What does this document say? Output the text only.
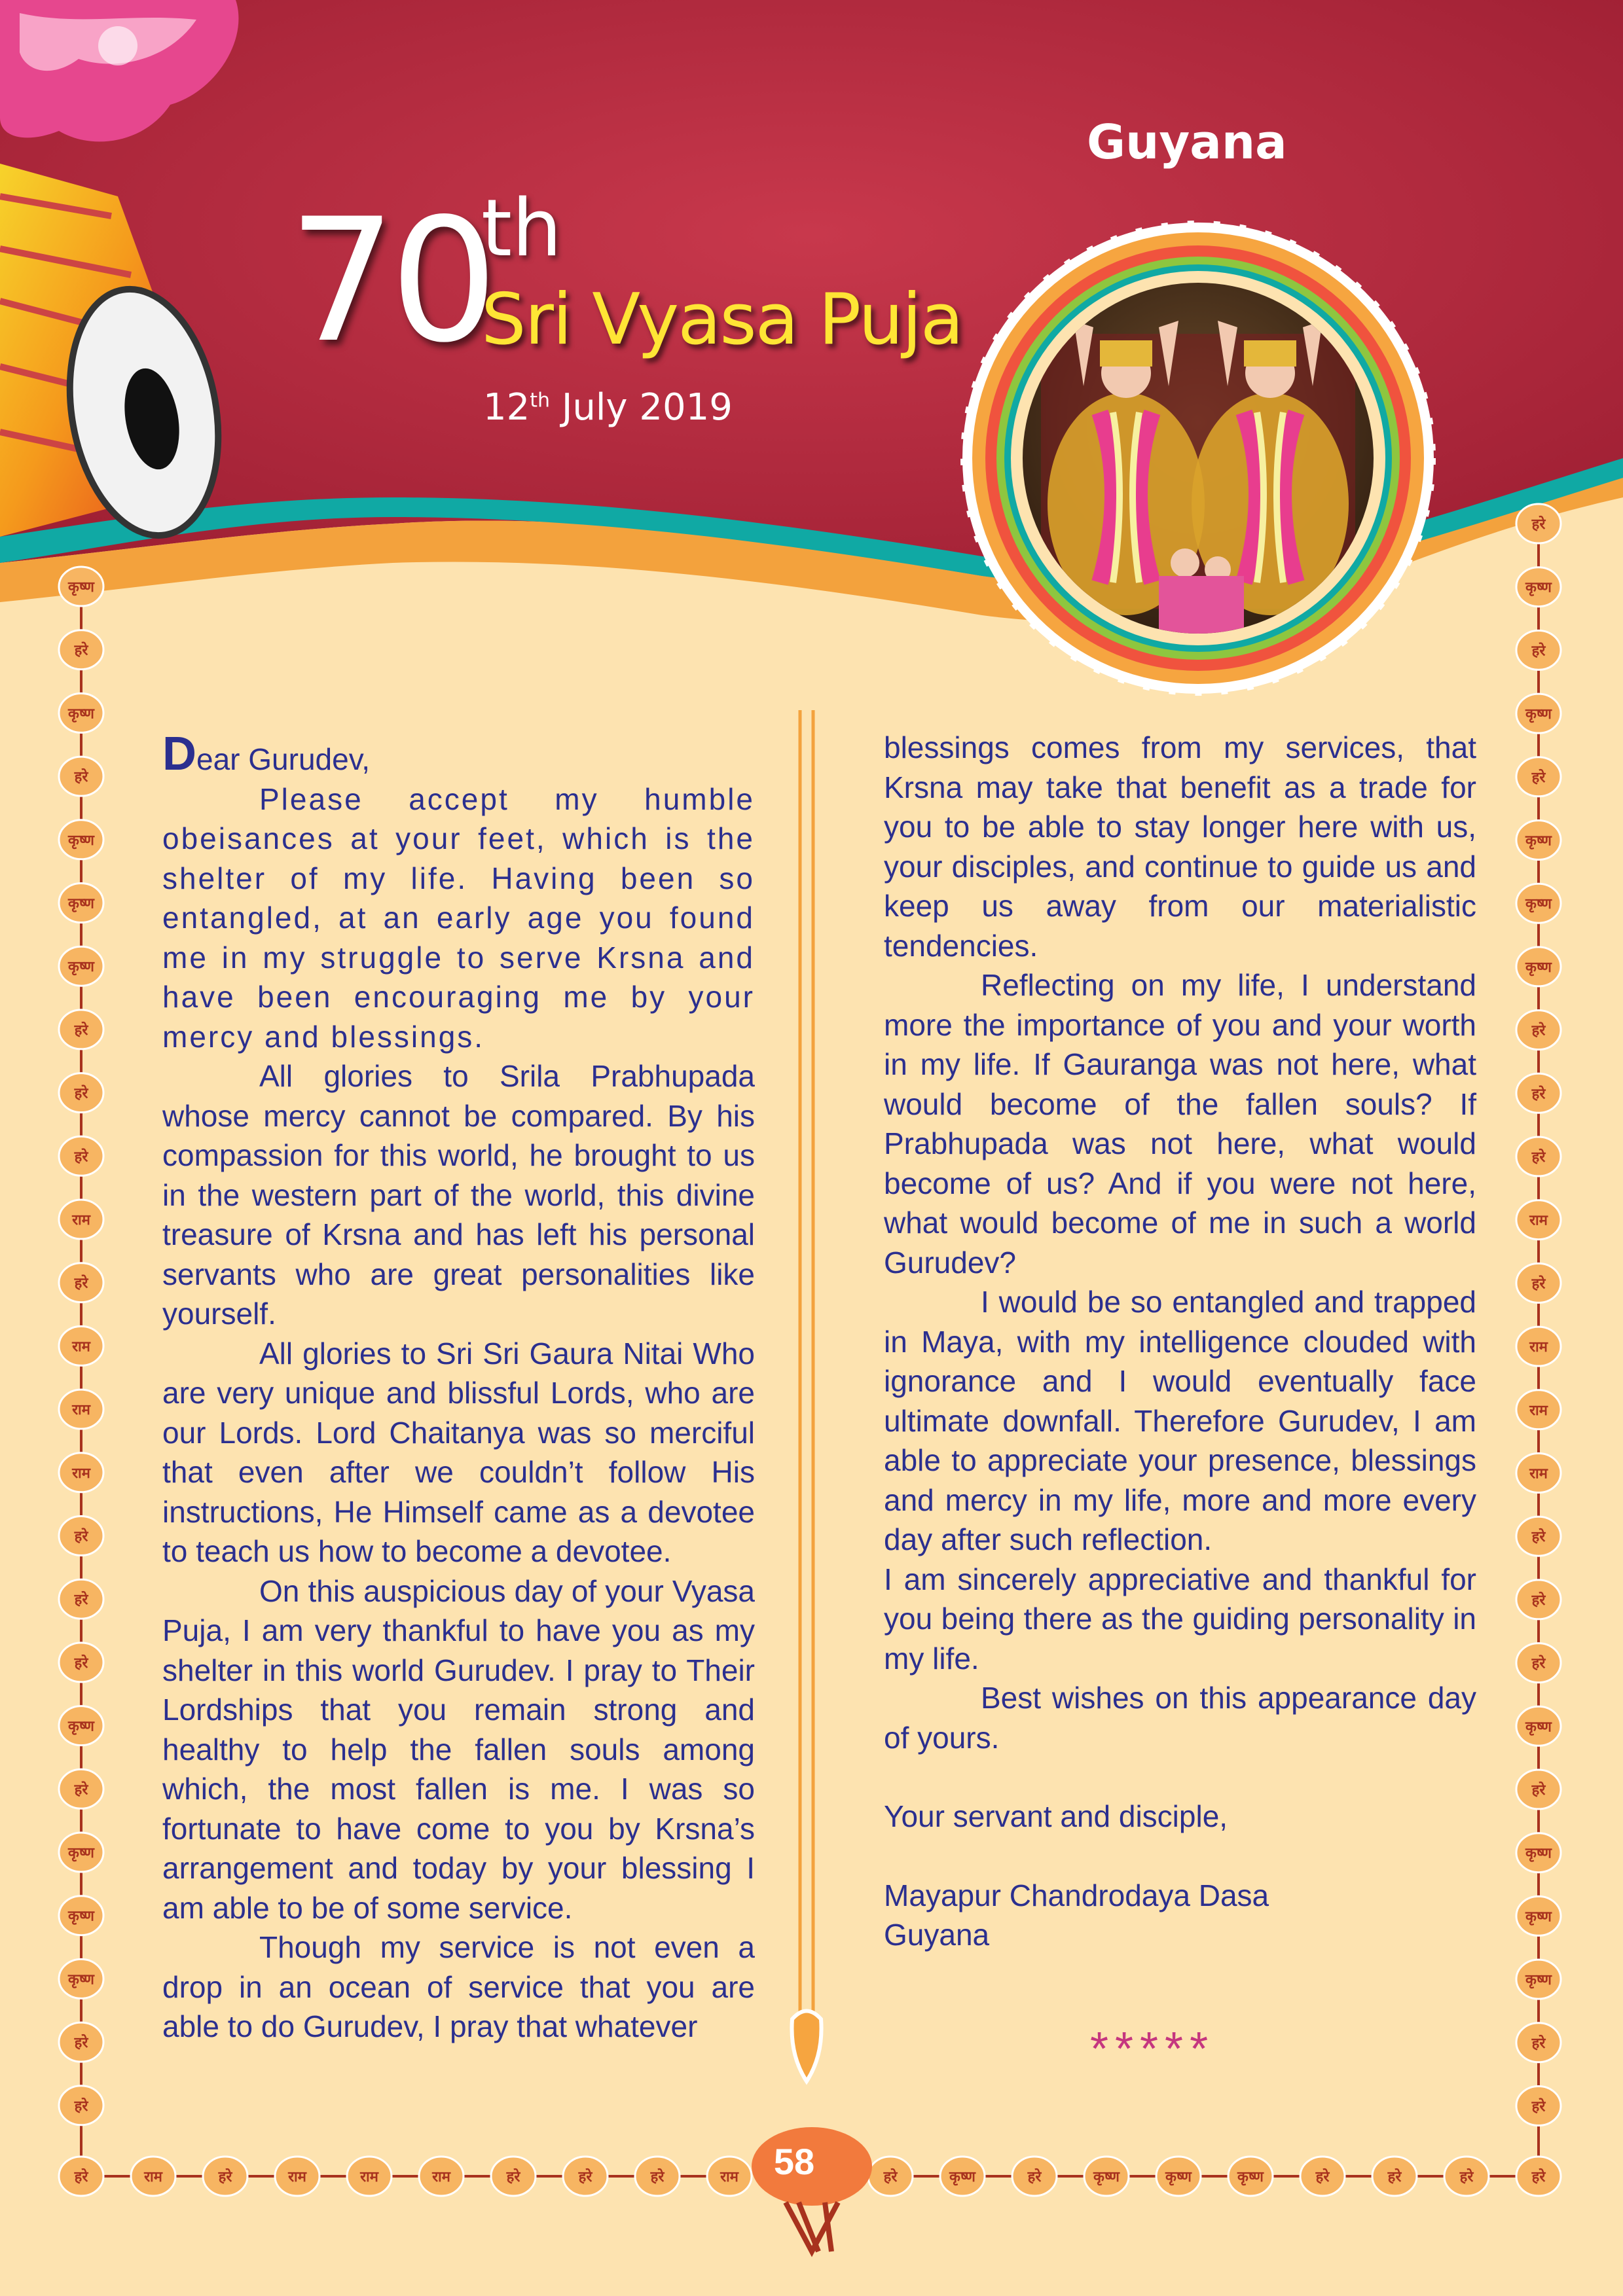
Guyana
70
th
Sri Vyasa Puja
12th July 2019
कृष्ण
हरे
कृष्ण
हरे
कृष्ण
कृष्ण
कृष्ण
हरे
हरे
हरे
राम
हरे
राम
राम
राम
हरे
हरे
हरे
कृष्ण
हरे
कृष्ण
कृष्ण
कृष्ण
हरे
हरे
हरे
कृष्ण
हरे
कृष्ण
हरे
कृष्ण
कृष्ण
कृष्ण
हरे
हरे
हरे
राम
हरे
राम
राम
राम
हरे
हरे
हरे
कृष्ण
हरे
कृष्ण
कृष्ण
कृष्ण
हरे
हरे
हरे	राम	हरे	राम	राम	राम	हरे	हरे	हरे	राम	हरे	कृष्ण	हरे	कृष्ण	कृष्ण	कृष्ण	हरे	हरे	हरे	हरे
58

Dear Gurudev,

Please accept my humble obeisances at your feet, which is the shelter of my life. Having been so entangled, at an early age you found me in my struggle to serve Krsna and have been encouraging me by your mercy and blessings.

All glories to Srila Prabhupada whose mercy cannot be compared. By his compassion for this world, he brought to us in the western part of the world, this divine treasure of Krsna and has left his personal servants who are great personalities like yourself.

All glories to Sri Sri Gaura Nitai Who are very unique and blissful Lords, who are our Lords. Lord Chaitanya was so merciful that even after we couldn’t follow His instructions, He Himself came as a devotee to teach us how to become a devotee.

On this auspicious day of your Vyasa Puja, I am very thankful to have you as my shelter in this world Gurudev. I pray to Their Lordships that you remain strong and healthy to help the fallen souls among which, the most fallen is me. I was so fortunate to have come to you by Krsna’s arrangement and today by your blessing I am able to be of some service.

Though my service is not even a drop in an ocean of service that you are able to do Gurudev, I pray that whatever

blessings comes from my services, that Krsna may take that benefit as a trade for you to be able to stay longer here with us, your disciples, and continue to guide us and keep us away from our materialistic tendencies.

Reflecting on my life, I understand more the importance of you and your worth in my life. If Gauranga was not here, what would become of the fallen souls? If Prabhupada was not here, what would become of us? And if you were not here, what would become of me in such a world Gurudev?

I would be so entangled and trapped in Maya, with my intelligence clouded with ignorance and I would eventually face ultimate downfall. Therefore Gurudev, I am able to appreciate your presence, blessings and mercy in my life, more and more every day after such reflection.

I am sincerely appreciative and thankful for you being there as the guiding personality in my life.

Best wishes on this appearance day of yours.

Your servant and disciple,

Mayapur Chandrodaya Dasa

Guyana

*****
